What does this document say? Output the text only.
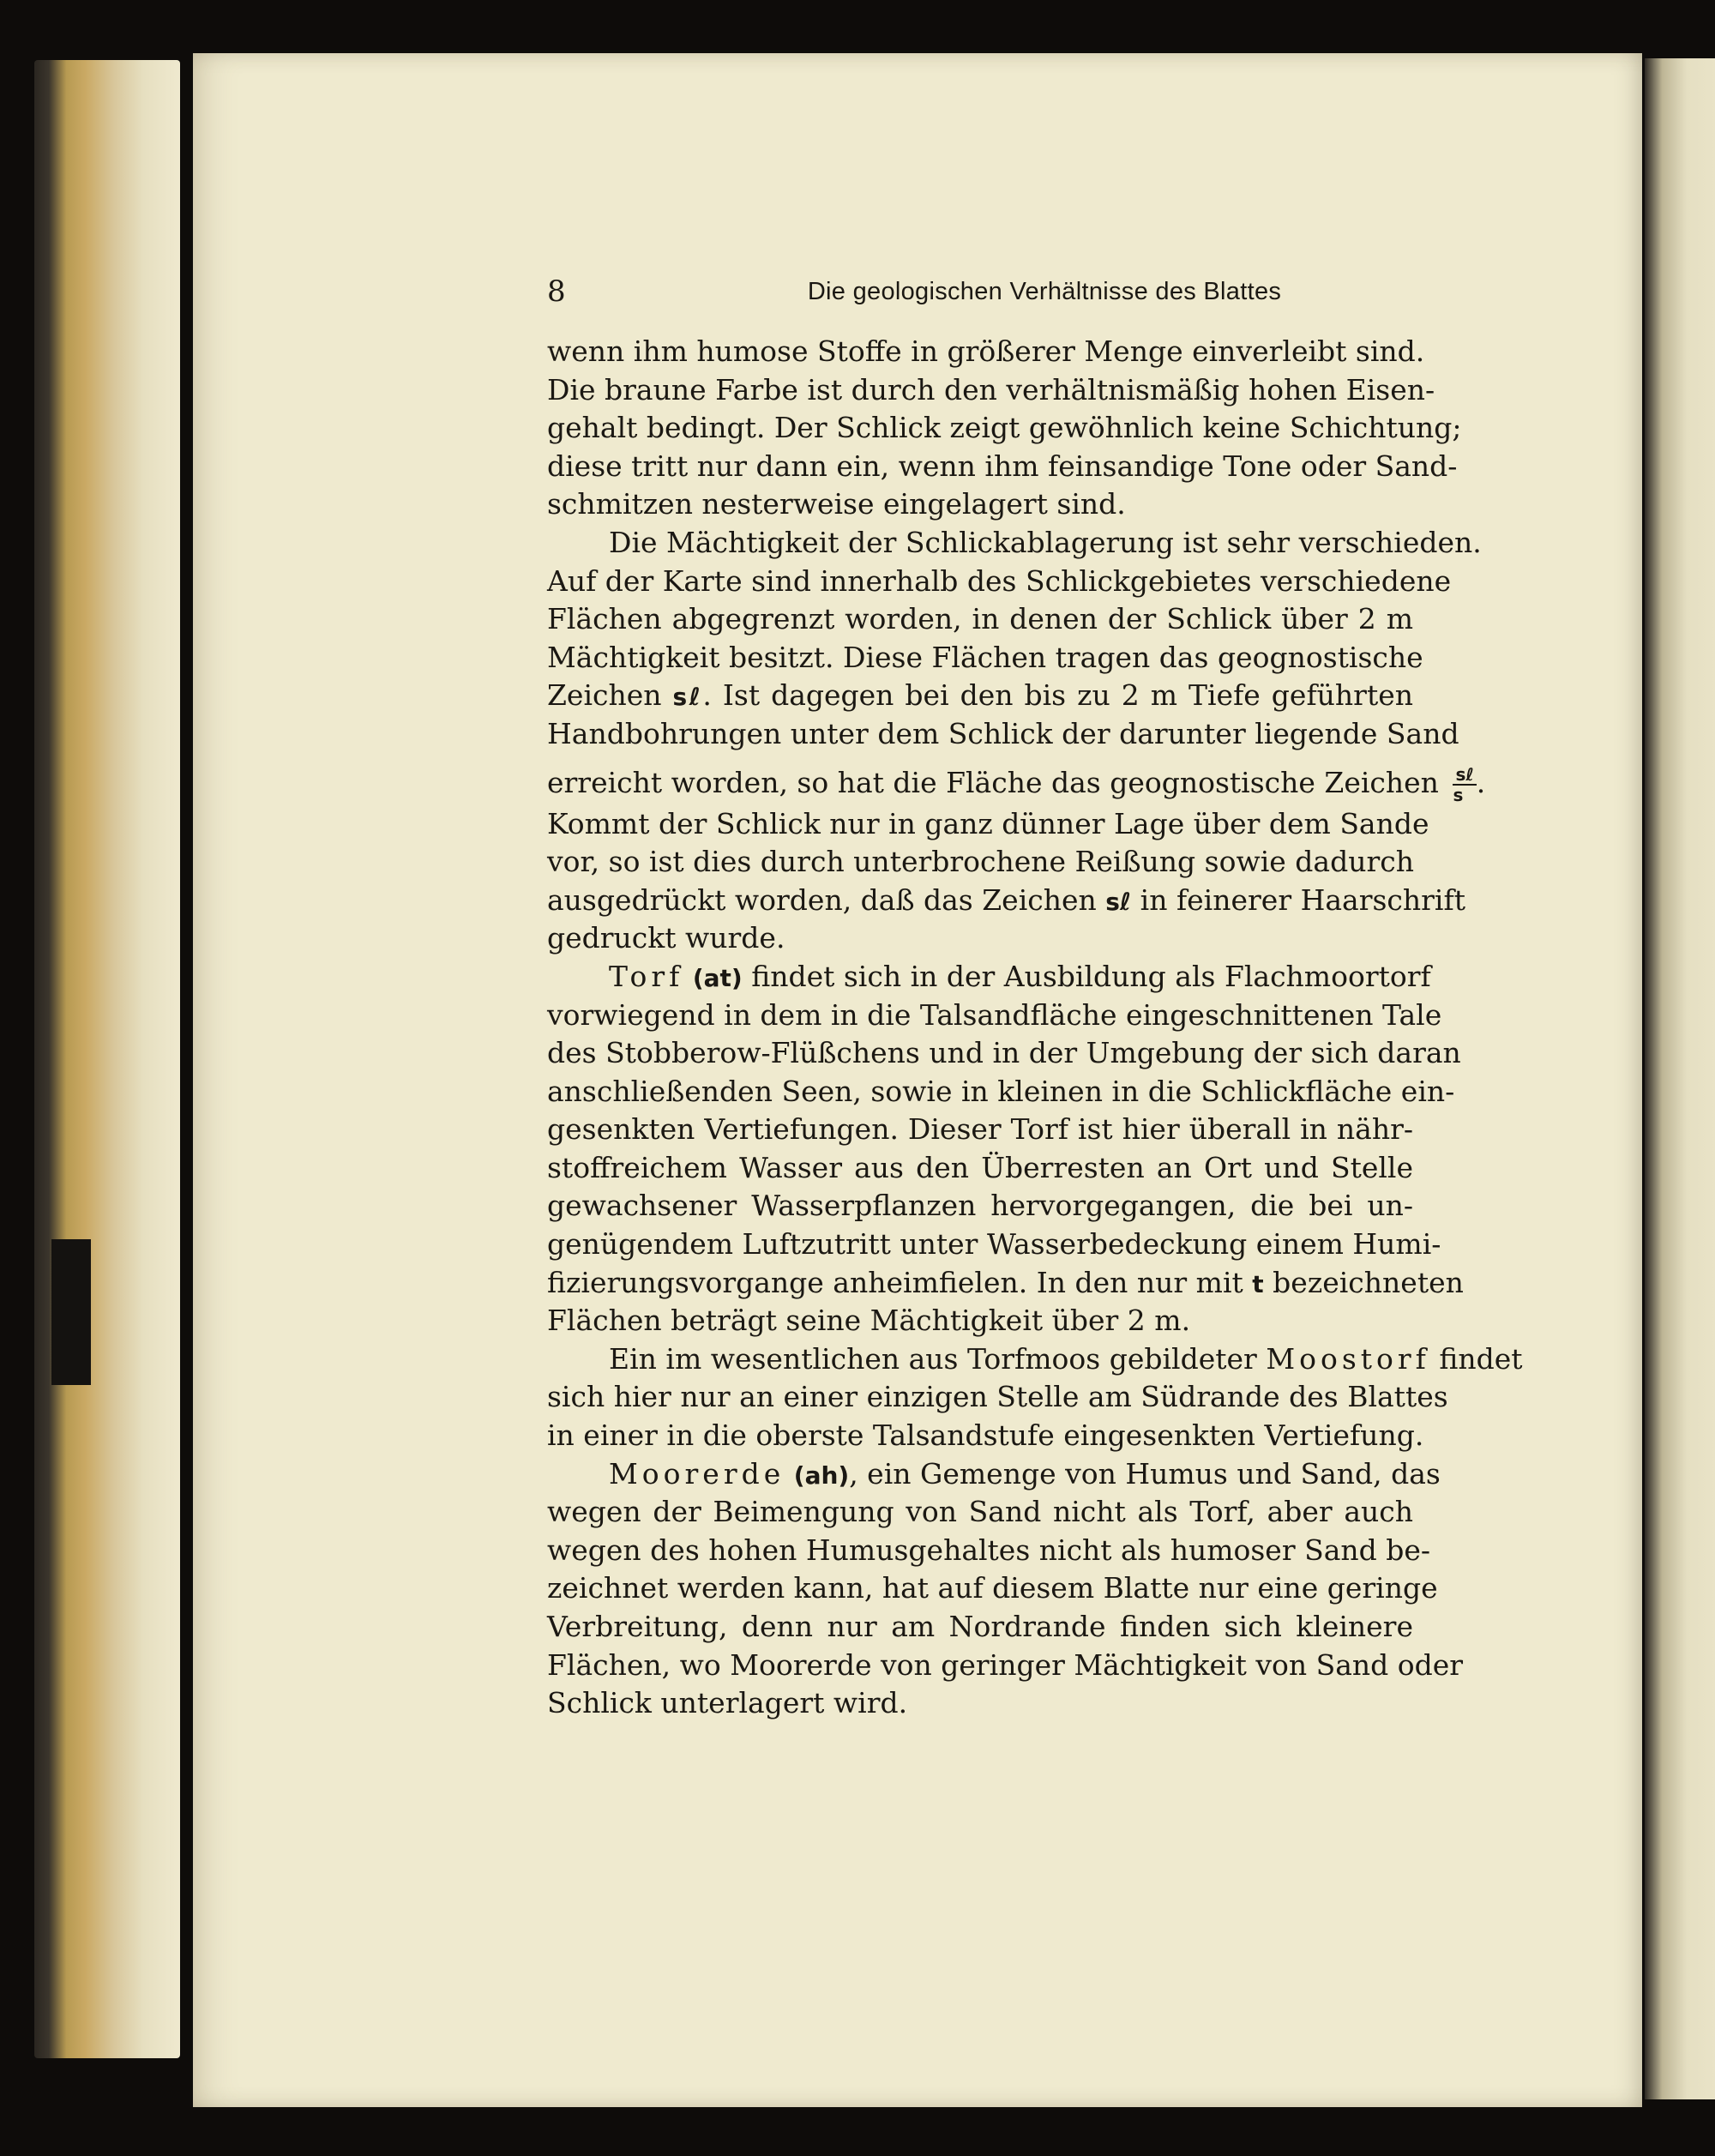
8	Die geologischen Verhältnisse des Blattes
wenn ihm humose Stoffe in größerer Menge einverleibt sind.
Die braune Farbe ist durch den verhältnismäßig hohen Eisen-
gehalt bedingt. Der Schlick zeigt gewöhnlich keine Schichtung;
diese tritt nur dann ein, wenn ihm feinsandige Tone oder Sand-
schmitzen nesterweise eingelagert sind.
Die Mächtigkeit der Schlickablagerung ist sehr verschieden.
Auf der Karte sind innerhalb des Schlickgebietes verschiedene
Flächen abgegrenzt worden, in denen der Schlick über 2 m
Mächtigkeit besitzt. Diese Flächen tragen das geognostische
Zeichen sℓ. Ist dagegen bei den bis zu 2 m Tiefe geführten
Handbohrungen unter dem Schlick der darunter liegende Sand
erreicht worden, so hat die Fläche das geognostische Zeichen $\frac{\text{sℓ}}{s}$
Kommt der Schlick nur in ganz dünner Lage über dem Sande
vor, so ist dies durch unterbrochene Reißung sowie dadurch
ausgedrückt worden, daß das Zeichen sℓ in feinerer Haarschrift
gedruckt wurde.
Torf (at) findet sich in der Ausbildung als Flachmoortorf
vorwiegend in dem in die Talsandfläche eingeschnittenen Tale
des Stobberow-Flüßchens und in der Umgebung der sich daran
anschließenden Seen, sowie in kleinen in die Schlickfläche ein-
gesenkten Vertiefungen. Dieser Torf ist hier überall in nähr-
stoffreichem Wasser aus den Überresten an Ort und Stelle
gewachsener Wasserpflanzen hervorgegangen, die bei un-
genügendem Luftzutritt unter Wasserbedeckung einem Humi-
fizierungsvorgange anheimfielen. In den nur mit t bezeichneten
Flächen beträgt seine Mächtigkeit über 2 m.
Ein im wesentlichen aus Torfmoos gebildeter Moostorf findet
sich hier nur an einer einzigen Stelle am Südrande des Blattes
in einer in die oberste Talsandstufe eingesenkten Vertiefung.
Moorerde (ah), ein Gemenge von Humus und Sand, das
wegen der Beimengung von Sand nicht als Torf, aber auch
wegen des hohen Humusgehaltes nicht als humoser Sand be-
zeichnet werden kann, hat auf diesem Blatte nur eine geringe
Verbreitung, denn nur am Nordrande finden sich kleinere
Flächen, wo Moorerde von geringer Mächtigkeit von Sand oder
Schlick unterlagert wird.
